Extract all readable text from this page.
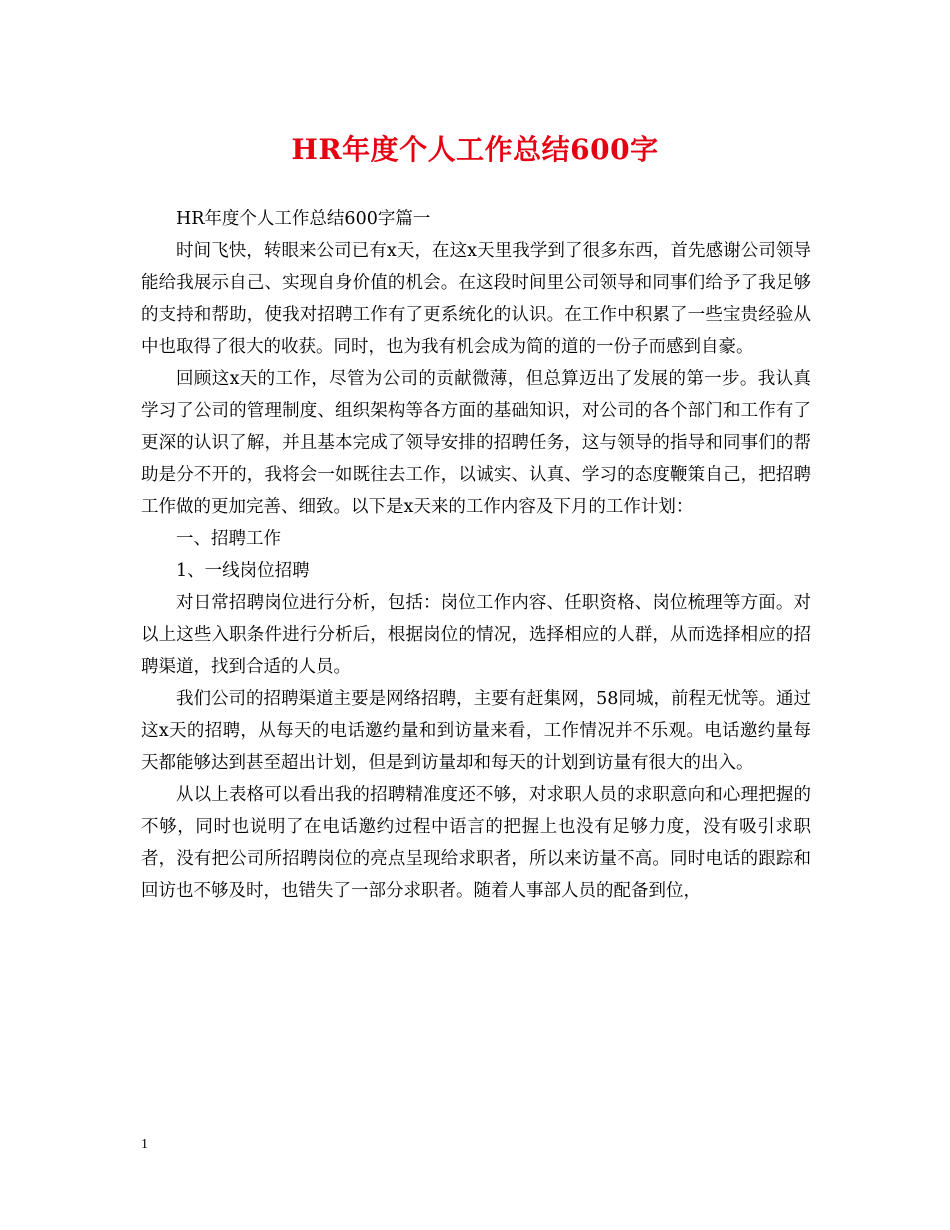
HR年度个人工作总结600字

HR年度个人工作总结600字篇一

时间飞快，转眼来公司已有x天，在这x天里我学到了很多东西，首先感谢公司领导能给我展示自己、实现自身价值的机会。在这段时间里公司领导和同事们给予了我足够的支持和帮助，使我对招聘工作有了更系统化的认识。在工作中积累了一些宝贵经验从中也取得了很大的收获。同时，也为我有机会成为简的道的一份子而感到自豪。

回顾这x天的工作，尽管为公司的贡献微薄，但总算迈出了发展的第一步。我认真学习了公司的管理制度、组织架构等各方面的基础知识，对公司的各个部门和工作有了更深的认识了解，并且基本完成了领导安排的招聘任务，这与领导的指导和同事们的帮助是分不开的，我将会一如既往去工作，以诚实、认真、学习的态度鞭策自己，把招聘工作做的更加完善、细致。以下是x天来的工作内容及下月的工作计划：

一、招聘工作

1、一线岗位招聘

对日常招聘岗位进行分析，包括：岗位工作内容、任职资格、岗位梳理等方面。对以上这些入职条件进行分析后，根据岗位的情况，选择相应的人群，从而选择相应的招聘渠道，找到合适的人员。

我们公司的招聘渠道主要是网络招聘，主要有赶集网，58同城，前程无忧等。通过这x天的招聘，从每天的电话邀约量和到访量来看，工作情况并不乐观。电话邀约量每天都能够达到甚至超出计划，但是到访量却和每天的计划到访量有很大的出入。

从以上表格可以看出我的招聘精准度还不够，对求职人员的求职意向和心理把握的不够，同时也说明了在电话邀约过程中语言的把握上也没有足够力度，没有吸引求职者，没有把公司所招聘岗位的亮点呈现给求职者，所以来访量不高。同时电话的跟踪和回访也不够及时，也错失了一部分求职者。随着人事部人员的配备到位，

1
